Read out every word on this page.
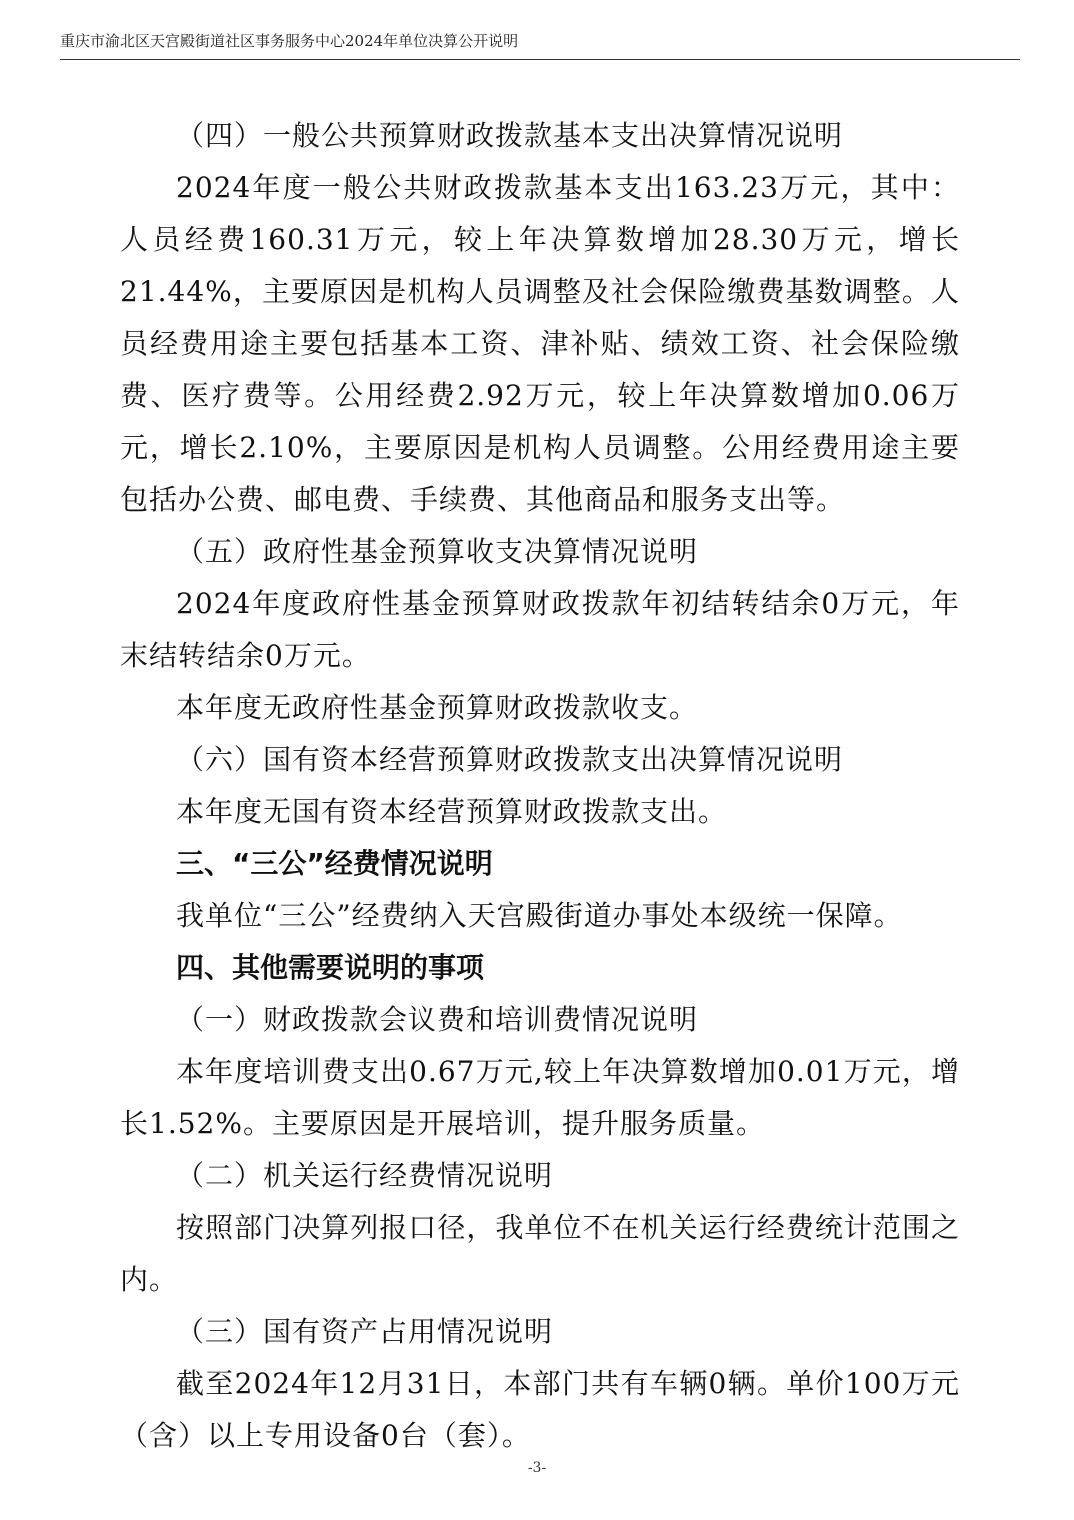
重庆市渝北区天宫殿街道社区事务服务中心2024年单位决算公开说明

（四）一般公共预算财政拨款基本支出决算情况说明

2024年度一般公共财政拨款基本支出163.23万元，其中：人员经费160.31万元，较上年决算数增加28.30万元，增长21.44%，主要原因是机构人员调整及社会保险缴费基数调整。人员经费用途主要包括基本工资、津补贴、绩效工资、社会保险缴费、医疗费等。公用经费2.92万元，较上年决算数增加0.06万元，增长2.10%，主要原因是机构人员调整。公用经费用途主要包括办公费、邮电费、手续费、其他商品和服务支出等。

（五）政府性基金预算收支决算情况说明

2024年度政府性基金预算财政拨款年初结转结余0万元，年末结转结余0万元。

本年度无政府性基金预算财政拨款收支。

（六）国有资本经营预算财政拨款支出决算情况说明

本年度无国有资本经营预算财政拨款支出。

三、“三公”经费情况说明

我单位“三公”经费纳入天宫殿街道办事处本级统一保障。

四、其他需要说明的事项

（一）财政拨款会议费和培训费情况说明

本年度培训费支出0.67万元,较上年决算数增加0.01万元，增长1.52%。主要原因是开展培训，提升服务质量。

（二）机关运行经费情况说明

按照部门决算列报口径，我单位不在机关运行经费统计范围之内。

（三）国有资产占用情况说明

截至2024年12月31日，本部门共有车辆0辆。单价100万元（含）以上专用设备0台（套）。

-3-
